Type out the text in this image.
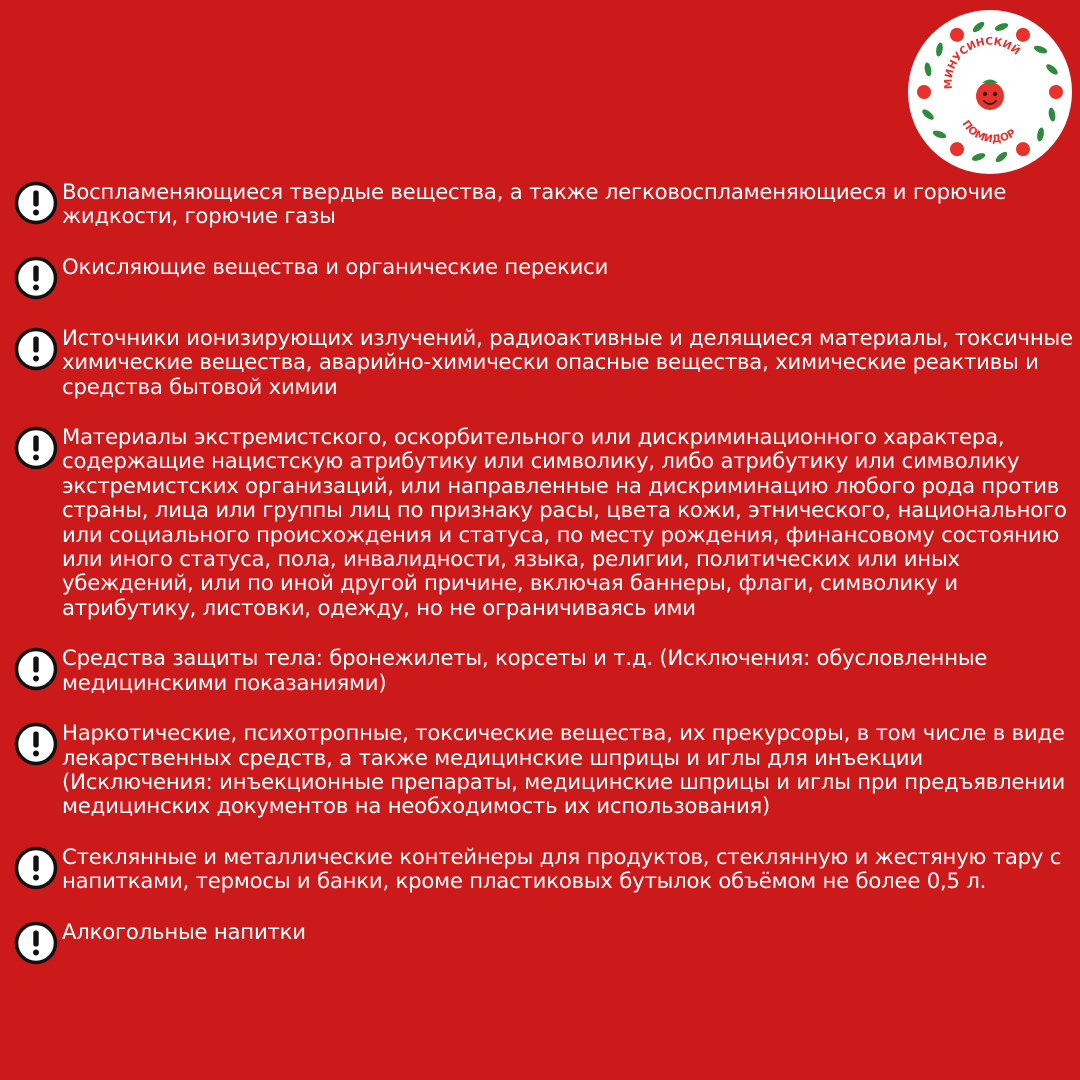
МИНУСИНСКИЙ
ПОМИДОР

Воспламеняющиеся твердые вещества, а также легковоспламеняющиеся и горючие жидкости, горючие газы

Окисляющие вещества и органические перекиси

Источники ионизирующих излучений, радиоактивные и делящиеся материалы, токсичные химические вещества, аварийно-химически опасные вещества, химические реактивы и средства бытовой химии

Материалы экстремистского, оскорбительного или дискриминационного характера, содержащие нацистскую атрибутику или символику, либо атрибутику или символику экстремистских организаций, или направленные на дискриминацию любого рода против страны, лица или группы лиц по признаку расы, цвета кожи, этнического, национального или социального происхождения и статуса, по месту рождения, финансовому состоянию или иного статуса, пола, инвалидности, языка, религии, политических или иных убеждений, или по иной другой причине, включая баннеры, флаги, символику и атрибутику, листовки, одежду, но не ограничиваясь ими

Средства защиты тела: бронежилеты, корсеты и т.д. (Исключения: обусловленные медицинскими показаниями)

Наркотические, психотропные, токсические вещества, их прекурсоры, в том числе в виде лекарственных средств, а также медицинские шприцы и иглы для инъекции (Исключения: инъекционные препараты, медицинские шприцы и иглы при предъявлении медицинских документов на необходимость их использования)

Стеклянные и металлические контейнеры для продуктов, стеклянную и жестяную тару с напитками, термосы и банки, кроме пластиковых бутылок объёмом не более 0,5 л.

Алкогольные напитки
